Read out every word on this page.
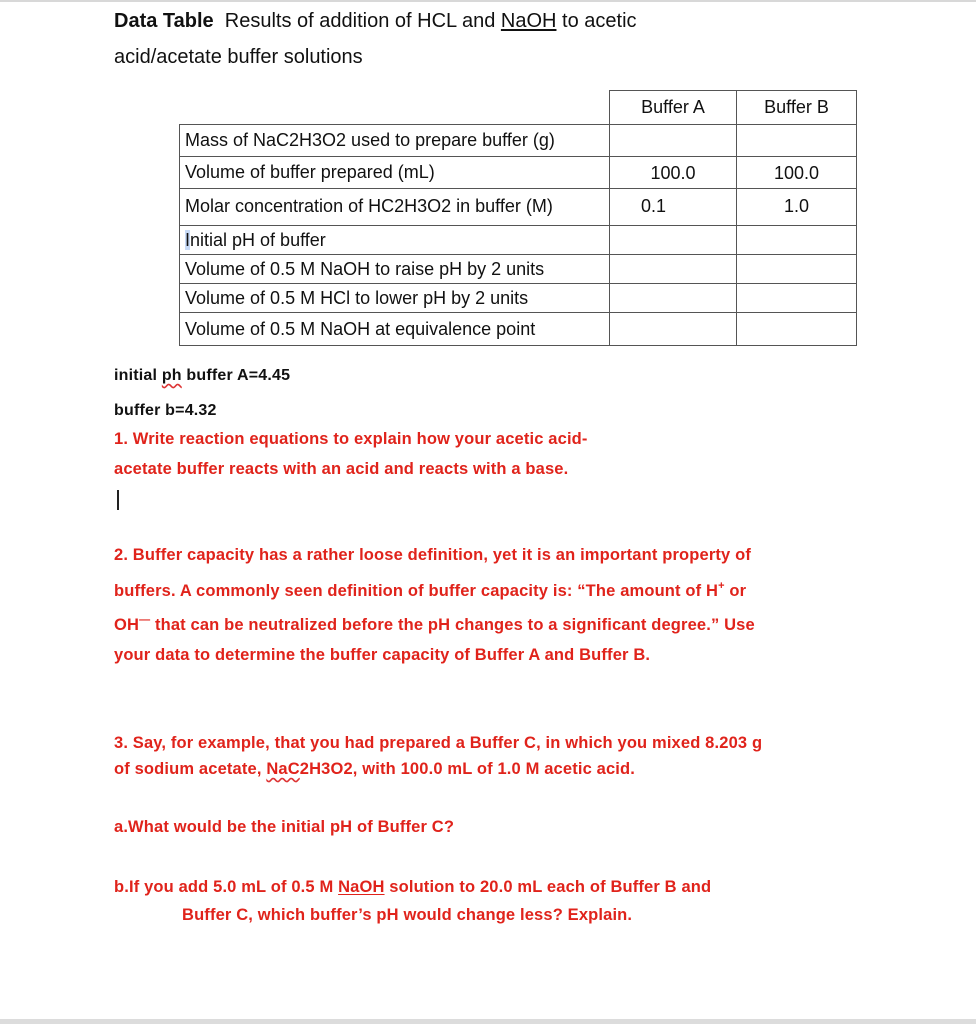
Data Table Results of addition of HCL and NaOH to acetic
acid/acetate buffer solutions
Buffer A	Buffer B
Mass of NaC2H3O2 used to prepare buffer (g)
Volume of buffer prepared (mL)	100.0	100.0
Molar concentration of HC2H3O2 in buffer (M)	0.1	1.0
Initial pH of buffer
Volume of 0.5 M NaOH to raise pH by 2 units
Volume of 0.5 M HCl to lower pH by 2 units
Volume of 0.5 M NaOH at equivalence point
initial ph buffer A=4.45
buffer b=4.32
1. Write reaction equations to explain how your acetic acid-
acetate buffer reacts with an acid and reacts with a base.
2. Buffer capacity has a rather loose definition, yet it is an important property of
buffers. A commonly seen definition of buffer capacity is: “The amount of H+ or
OH— that can be neutralized before the pH changes to a significant degree.” Use
your data to determine the buffer capacity of Buffer A and Buffer B.
3. Say, for example, that you had prepared a Buffer C, in which you mixed 8.203 g
of sodium acetate, NaC2H3O2, with 100.0 mL of 1.0 M acetic acid.
a.What would be the initial pH of Buffer C?
b.If you add 5.0 mL of 0.5 M NaOH solution to 20.0 mL each of Buffer B and
Buffer C, which buffer’s pH would change less? Explain.
